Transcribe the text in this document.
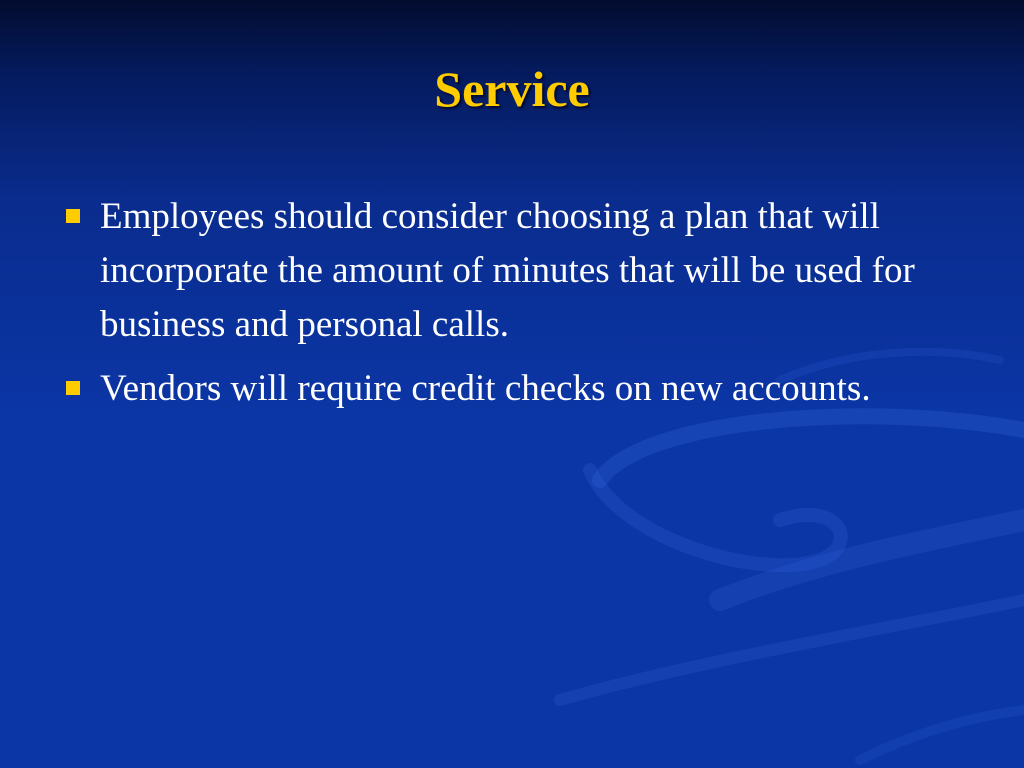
Service
Employees should consider choosing a plan that will incorporate the amount of minutes that will be used for business and personal calls.
Vendors will require credit checks on new accounts.
